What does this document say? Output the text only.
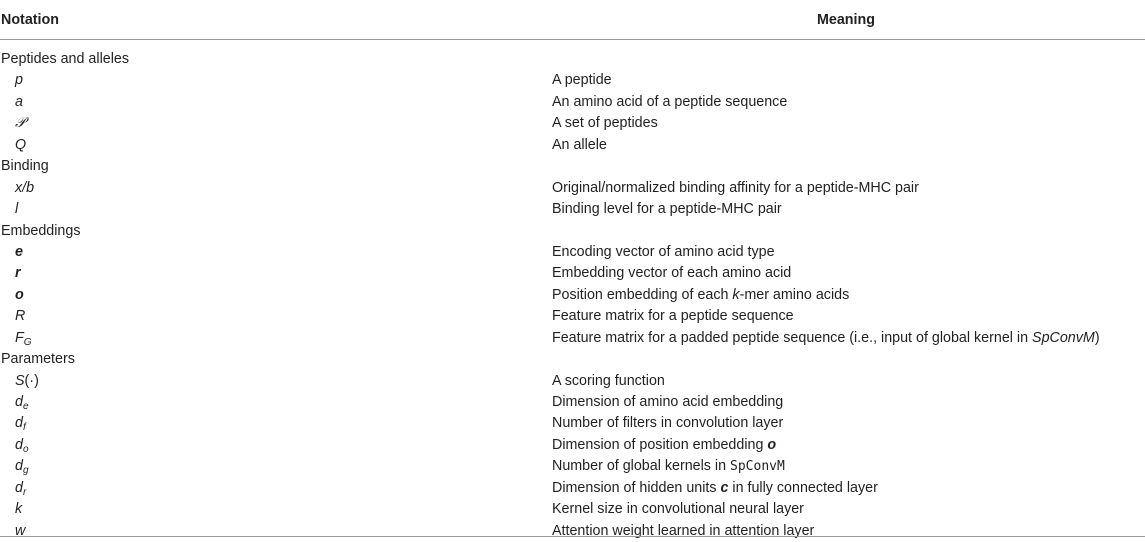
Notation	Meaning
Peptides and alleles
p	A peptide
a	An amino acid of a peptide sequence
𝒫	A set of peptides
Q	An allele
Binding
x/b	Original/normalized binding affinity for a peptide-MHC pair
l	Binding level for a peptide-MHC pair
Embeddings
e	Encoding vector of amino acid type
r	Embedding vector of each amino acid
o	Position embedding of each k-mer amino acids
R	Feature matrix for a peptide sequence
$F_G$	Feature matrix for a padded peptide sequence (i.e., input of global kernel in SpConvM)
Parameters
S(·)	A scoring function
$d_e$	Dimension of amino acid embedding
$d_f$	Number of filters in convolution layer
$d_o$	Dimension of position embedding o
$d_g$	Number of global kernels in SpConvM
$d_r$	Dimension of hidden units c in fully connected layer
k	Kernel size in convolutional neural layer
w	Attention weight learned in attention layer
